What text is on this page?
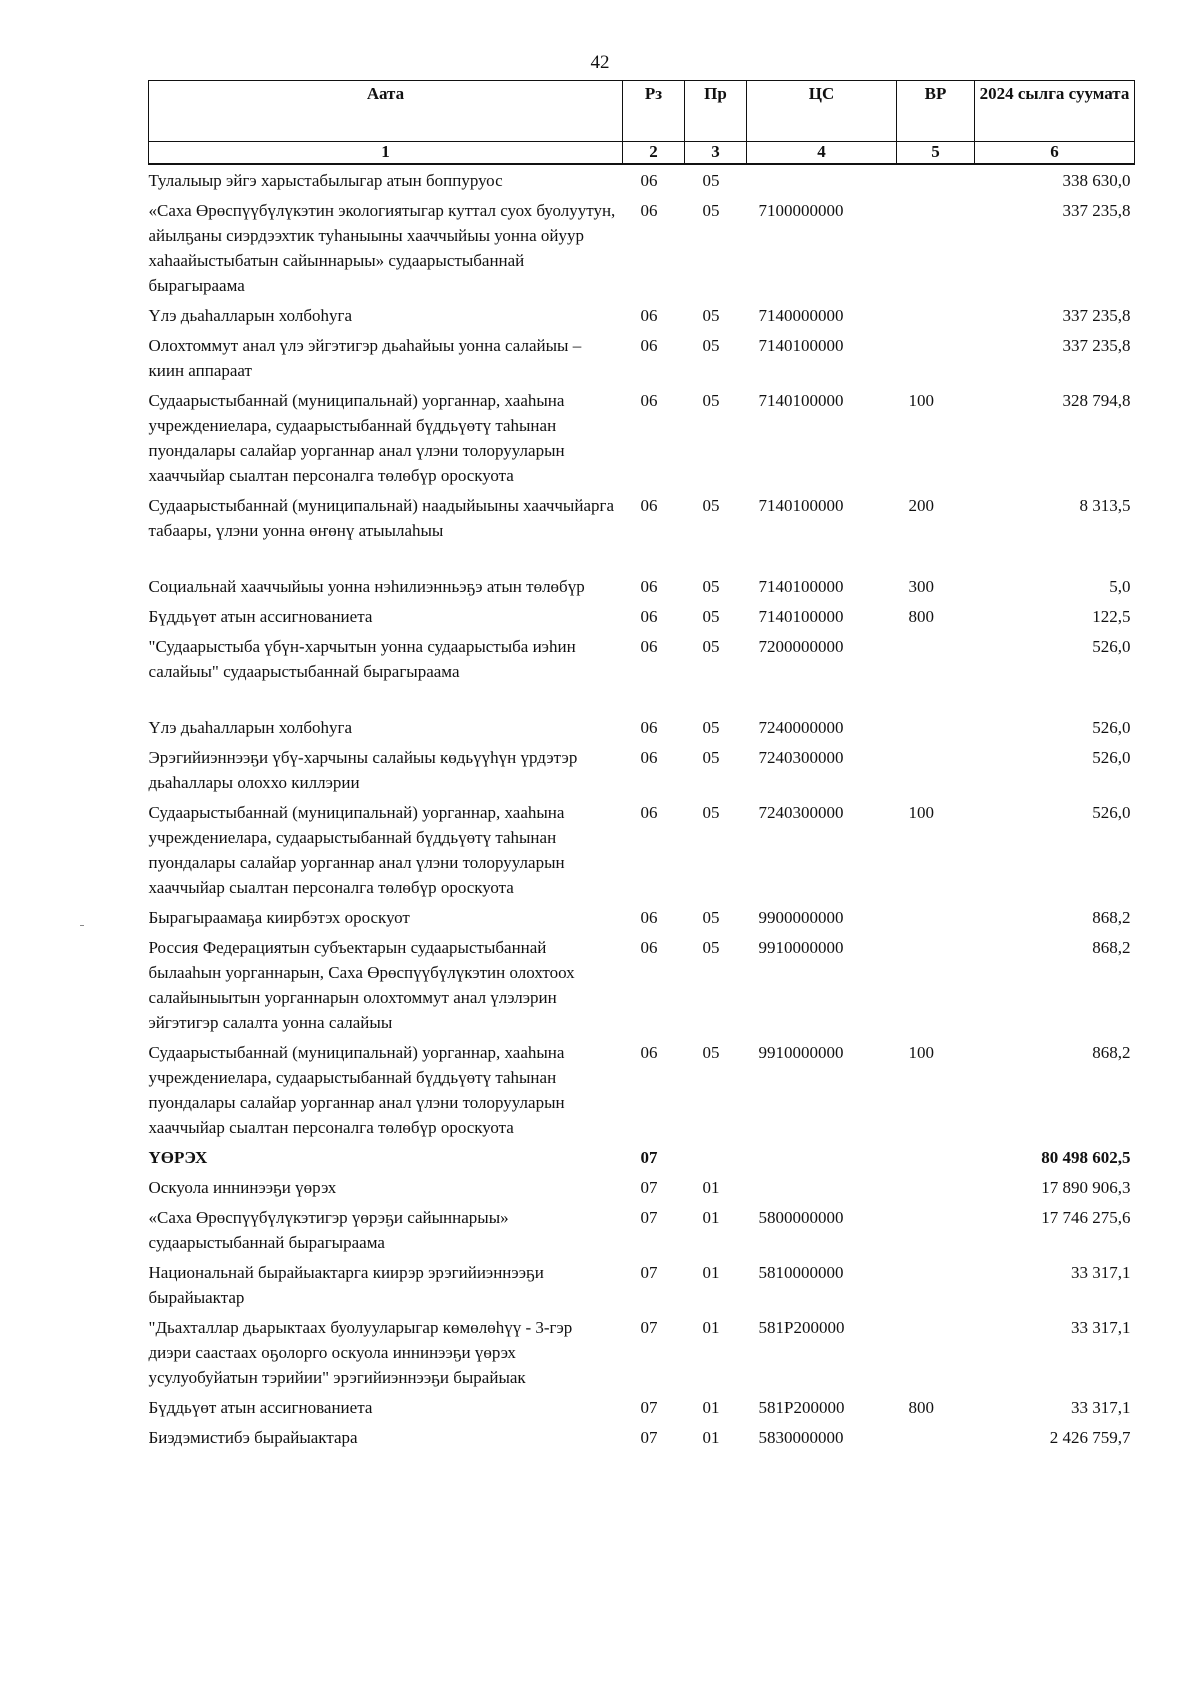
42
Аата	Рз	Пр	ЦС	ВР	2024 сылга суумата
1	2	3	4	5	6
Тулалыыр эйгэ харыстабылыгар атын боппуруос	06	05			338 630,0
«Саха Өрөспүүбүлүкэтин экологиятыгар куттал суох буолуутун, айылҕаны сиэрдээхтик туһаныыны хааччыйыы уонна ойуур хаһаайыстыбатын сайыннарыы» судаарыстыбаннай бырагыраама	06	05	7100000000		337 235,8
Үлэ дьаһалларын холбоһуга	06	05	7140000000		337 235,8
Олохтоммут анал үлэ эйгэтигэр дьаһайыы уонна салайыы – киин аппараат	06	05	7140100000		337 235,8
Судаарыстыбаннай (муниципальнай) уорганнар, хааһына учреждениелара, судаарыстыбаннай бүддьүөтү таһынан пуондалары салайар уорганнар анал үлэни толорууларын хааччыйар сыалтан персоналга төлөбүр ороскуота	06	05	7140100000	100	328 794,8
Судаарыстыбаннай (муниципальнай) наадыйыыны хааччыйарга табаары, үлэни уонна өҥөнү атыылаһыы	06	05	7140100000	200	8 313,5
Социальнай хааччыйыы уонна нэһилиэнньэҕэ атын төлөбүр	06	05	7140100000	300	5,0
Бүддьүөт атын ассигнованиета	06	05	7140100000	800	122,5
"Судаарыстыба үбүн-харчытын уонна судаарыстыба иэһин салайыы" судаарыстыбаннай бырагыраама	06	05	7200000000		526,0
Үлэ дьаһалларын холбоһуга	06	05	7240000000		526,0
Эрэгийиэннээҕи үбү-харчыны салайыы көдьүүһүн үрдэтэр дьаһаллары олоххо киллэрии	06	05	7240300000		526,0
Судаарыстыбаннай (муниципальнай) уорганнар, хааһына учреждениелара, судаарыстыбаннай бүддьүөтү таһынан пуондалары салайар уорганнар анал үлэни толорууларын хааччыйар сыалтан персоналга төлөбүр ороскуота	06	05	7240300000	100	526,0
Бырагыраамаҕа киирбэтэх ороскуот	06	05	9900000000		868,2
Россия Федерациятын субъектарын судаарыстыбаннай былааһын уорганнарын, Саха Өрөспүүбүлүкэтин олохтоох салайыныытын уорганнарын олохтоммут анал үлэлэрин эйгэтигэр салалта уонна салайыы	06	05	9910000000		868,2
Судаарыстыбаннай (муниципальнай) уорганнар, хааһына учреждениелара, судаарыстыбаннай бүддьүөтү таһынан пуондалары салайар уорганнар анал үлэни толорууларын хааччыйар сыалтан персоналга төлөбүр ороскуота	06	05	9910000000	100	868,2
ҮӨРЭХ	07				80 498 602,5
Оскуола иннинээҕи үөрэх	07	01			17 890 906,3
«Саха Өрөспүүбүлүкэтигэр үөрэҕи сайыннарыы» судаарыстыбаннай бырагыраама	07	01	5800000000		17 746 275,6
Национальнай бырайыактарга киирэр эрэгийиэннээҕи бырайыактар	07	01	5810000000		33 317,1
"Дьахталлар дьарыктаах буолууларыгар көмөлөһүү - 3-гэр диэри саастаах оҕолорго оскуола иннинээҕи үөрэх усулуобуйатын тэрийии" эрэгийиэннээҕи бырайыак	07	01	581Р200000		33 317,1
Бүддьүөт атын ассигнованиета	07	01	581Р200000	800	33 317,1
Биэдэмистибэ бырайыактара	07	01	5830000000		2 426 759,7
